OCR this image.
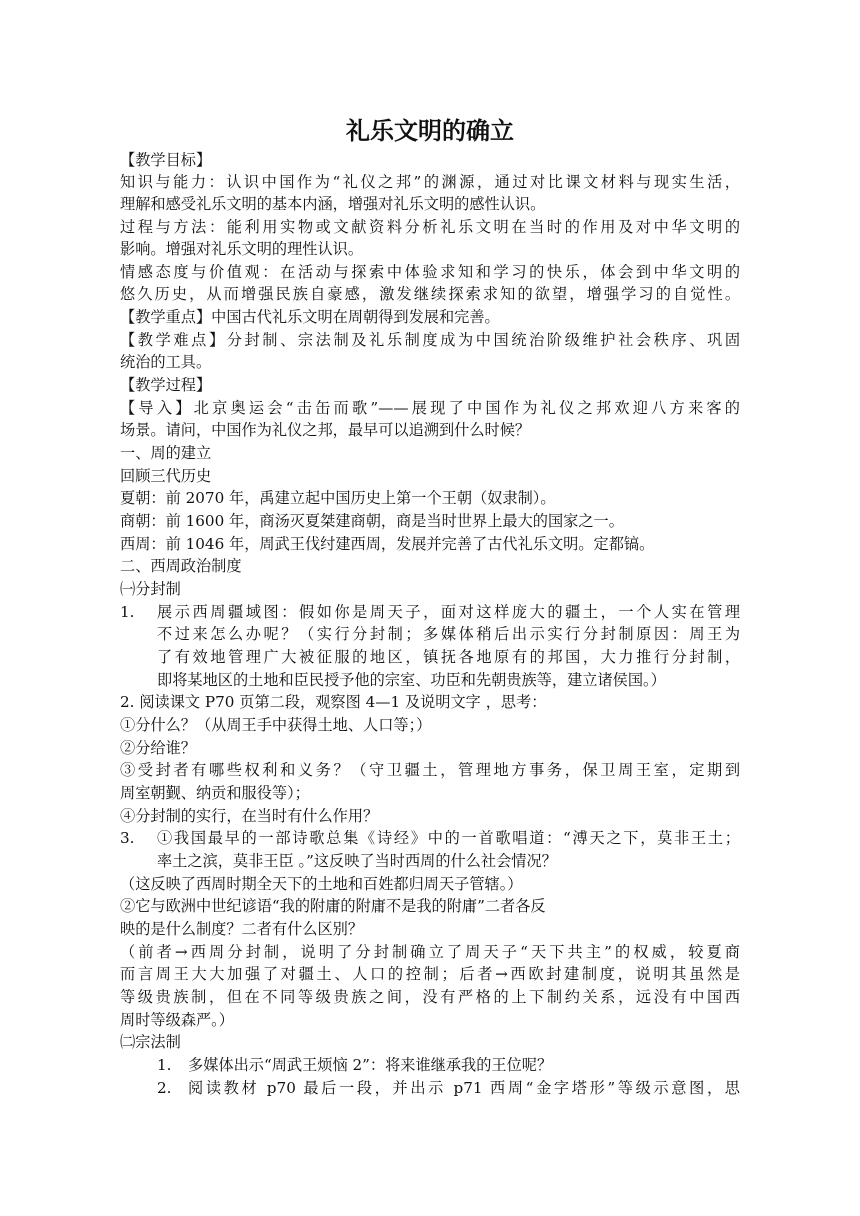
礼乐文明的确立
【教学目标】
知识与能力：认识中国作为“礼仪之邦”的渊源，通过对比课文材料与现实生活，
理解和感受礼乐文明的基本内涵，增强对礼乐文明的感性认识。
过程与方法：能利用实物或文献资料分析礼乐文明在当时的作用及对中华文明的
影响。增强对礼乐文明的理性认识。
情感态度与价值观：在活动与探索中体验求知和学习的快乐，体会到中华文明的
悠久历史，从而增强民族自豪感，激发继续探索求知的欲望，增强学习的自觉性。
【教学重点】中国古代礼乐文明在周朝得到发展和完善。
【教学难点】分封制、宗法制及礼乐制度成为中国统治阶级维护社会秩序、巩固
统治的工具。
【教学过程】
【导入】北京奥运会“击缶而歌”——展现了中国作为礼仪之邦欢迎八方来客的
场景。请问，中国作为礼仪之邦，最早可以追溯到什么时候？
一、周的建立
回顾三代历史
夏朝：前 2070 年，禹建立起中国历史上第一个王朝（奴隶制）。
商朝：前 1600 年，商汤灭夏桀建商朝，商是当时世界上最大的国家之一。
西周：前 1046 年，周武王伐纣建西周，发展并完善了古代礼乐文明。定都镐。
二、西周政治制度
㈠分封制
1.	展示西周疆域图：假如你是周天子，面对这样庞大的疆土，一个人实在管理
不过来怎么办呢？（实行分封制；多媒体稍后出示实行分封制原因：周王为
了有效地管理广大被征服的地区，镇抚各地原有的邦国，大力推行分封制，
即将某地区的土地和臣民授予他的宗室、功臣和先朝贵族等，建立诸侯国。）
2. 阅读课文 P70 页第二段，观察图 4—1 及说明文字 ，思考：
①分什么？（从周王手中获得土地、人口等；）
②分给谁？
③受封者有哪些权利和义务？（守卫疆土，管理地方事务，保卫周王室，定期到
周室朝觐、纳贡和服役等）；
④分封制的实行，在当时有什么作用？
3.	①我国最早的一部诗歌总集《诗经》中的一首歌唱道：“溥天之下，莫非王土；
率土之滨，莫非王臣 。”这反映了当时西周的什么社会情况？
（这反映了西周时期全天下的土地和百姓都归周天子管辖。）
②它与欧洲中世纪谚语“我的附庸的附庸不是我的附庸”二者各反
映的是什么制度？二者有什么区别？
（前者→西周分封制，说明了分封制确立了周天子“天下共主”的权威，较夏商
而言周王大大加强了对疆土、人口的控制；后者→西欧封建制度，说明其虽然是
等级贵族制，但在不同等级贵族之间，没有严格的上下制约关系，远没有中国西
周时等级森严。）
㈡宗法制
1.	多媒体出示“周武王烦恼 2”：将来谁继承我的王位呢？
2.	阅读教材 p70 最后一段，并出示 p71 西周“金字塔形”等级示意图，思
